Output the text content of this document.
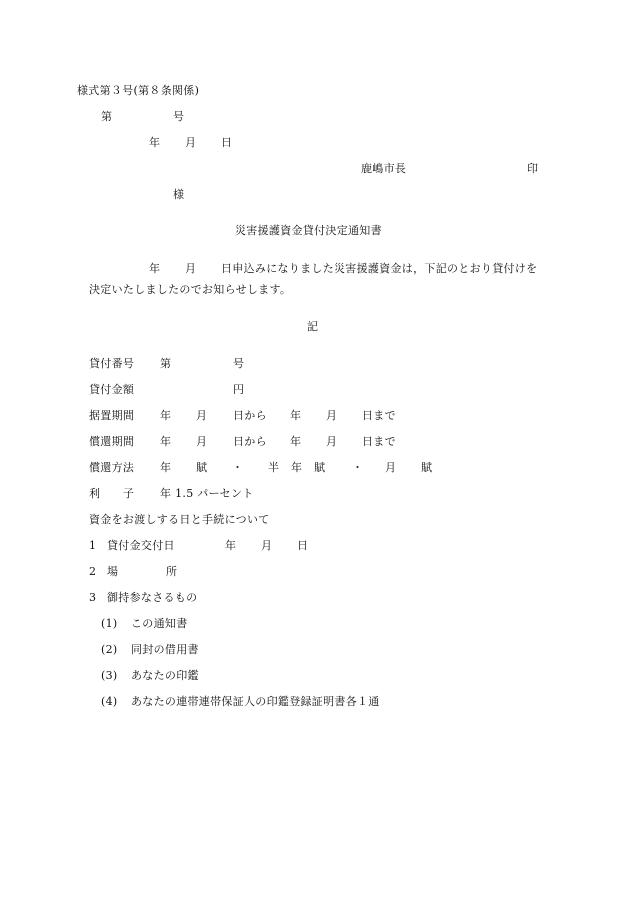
様式第３号(第８条関係)
第	号
年 月 日
鹿嶋市長	印
様
災害援護資金貸付決定通知書
年 月 日申込みになりました災害援護資金は，下記のとおり貸付けを
決定いたしましたのでお知らせします。
記
貸付番号 第	号
貸付金額	円
据置期間 年 月 日から 年 月 日まで
償還期間 年 月 日から 年 月 日まで
償還方法 年 賦 ・ 半 年 賦 ・ 月 賦
利　　子 年 1.5 パーセント
資金をお渡しする日と手続について
1 貸付金交付日	年 月 日
2 場	所
3 御持参なさるもの
(1) この通知書
(2) 同封の借用書
(3) あなたの印鑑
(4) あなたの連帯連帯保証人の印鑑登録証明書各１通
